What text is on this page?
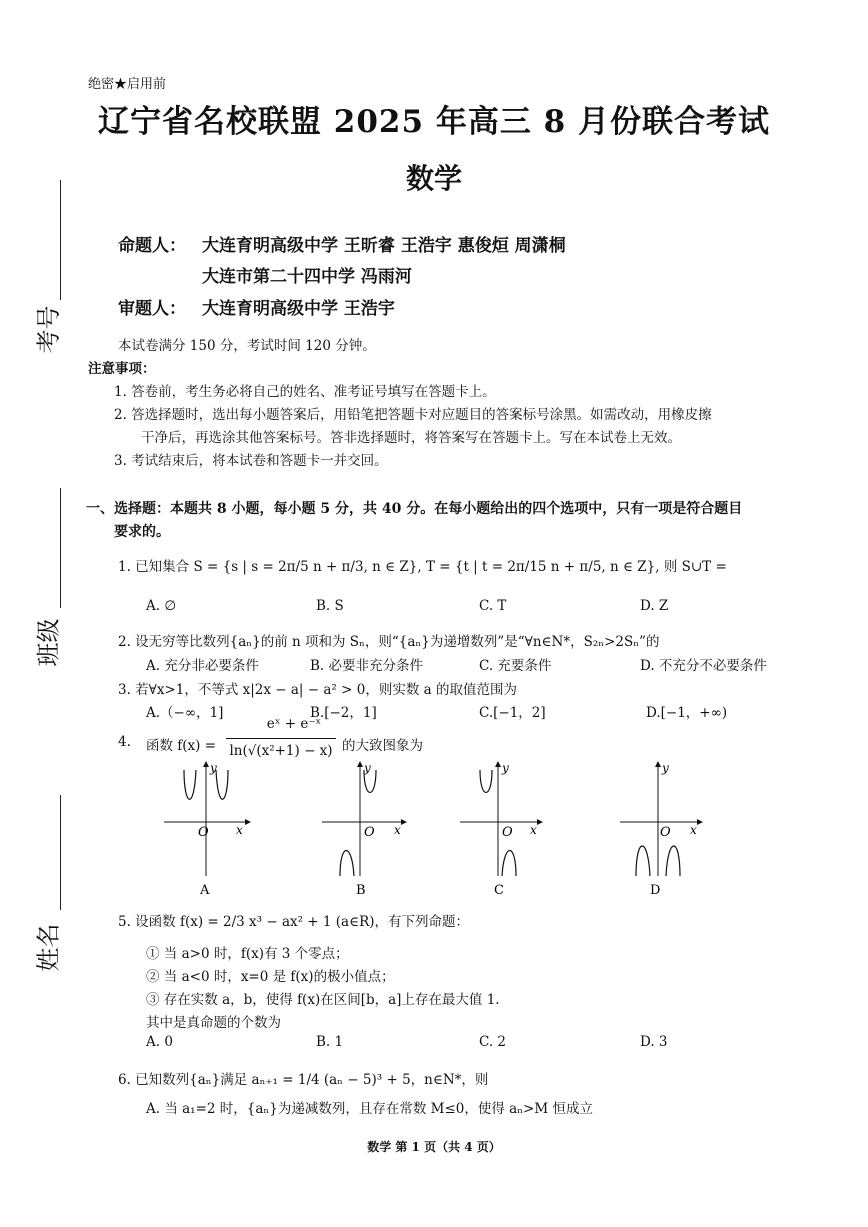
绝密★启用前
辽宁省名校联盟 2025 年高三 8 月份联合考试
数学
命题人： 大连育明高级中学 王昕睿 王浩宇 惠俊烜 周潇桐
大连市第二十四中学 冯雨河
审题人： 大连育明高级中学 王浩宇
考号
班级
姓名
本试卷满分 150 分，考试时间 120 分钟。
注意事项：
1. 答卷前，考生务必将自己的姓名、准考证号填写在答题卡上。
2. 答选择题时，选出每小题答案后，用铅笔把答题卡对应题目的答案标号涂黑。如需改动，用橡皮擦
干净后，再选涂其他答案标号。答非选择题时，将答案写在答题卡上。写在本试卷上无效。
3. 考试结束后，将本试卷和答题卡一并交回。
一、选择题：本题共 8 小题，每小题 5 分，共 40 分。在每小题给出的四个选项中，只有一项是符合题目
要求的。
1. 已知集合 S = {s | s = 2π/5 n + π/3, n ∈ Z}, T = {t | t = 2π/15 n + π/5, n ∈ Z}, 则 S∪T =
A. ∅	B. S	C. T	D. Z
2. 设无穷等比数列{aₙ}的前 n 项和为 Sₙ，则“{aₙ}为递增数列”是“∀n∈N*，S₂ₙ>2Sₙ”的
A. 充分非必要条件	B. 必要非充分条件	C. 充要条件	D. 不充分不必要条件
3. 若∀x>1，不等式 x|2x − a| − a² > 0，则实数 a 的取值范围为
A.（−∞，1]	B.[−2，1]	C.[−1，2]	D.[−1，+∞)
4. 函数 f(x) =
eˣ + e⁻ˣ
ln(√(x²+1) − x) 的大致图象为
O x
y
A
O x
y
B
O x
y
C
O x
y
D
5. 设函数 f(x) = 2/3 x³ − ax² + 1 (a∈R)，有下列命题：
① 当 a>0 时，f(x)有 3 个零点；
② 当 a<0 时，x=0 是 f(x)的极小值点；
③ 存在实数 a，b，使得 f(x)在区间[b，a]上存在最大值 1.
其中是真命题的个数为
A. 0	B. 1	C. 2	D. 3
6. 已知数列{aₙ}满足 aₙ₊₁ = 1/4 (aₙ − 5)³ + 5，n∈N*，则
A. 当 a₁=2 时，{aₙ}为递减数列，且存在常数 M≤0，使得 aₙ>M 恒成立
数学 第 1 页（共 4 页）
